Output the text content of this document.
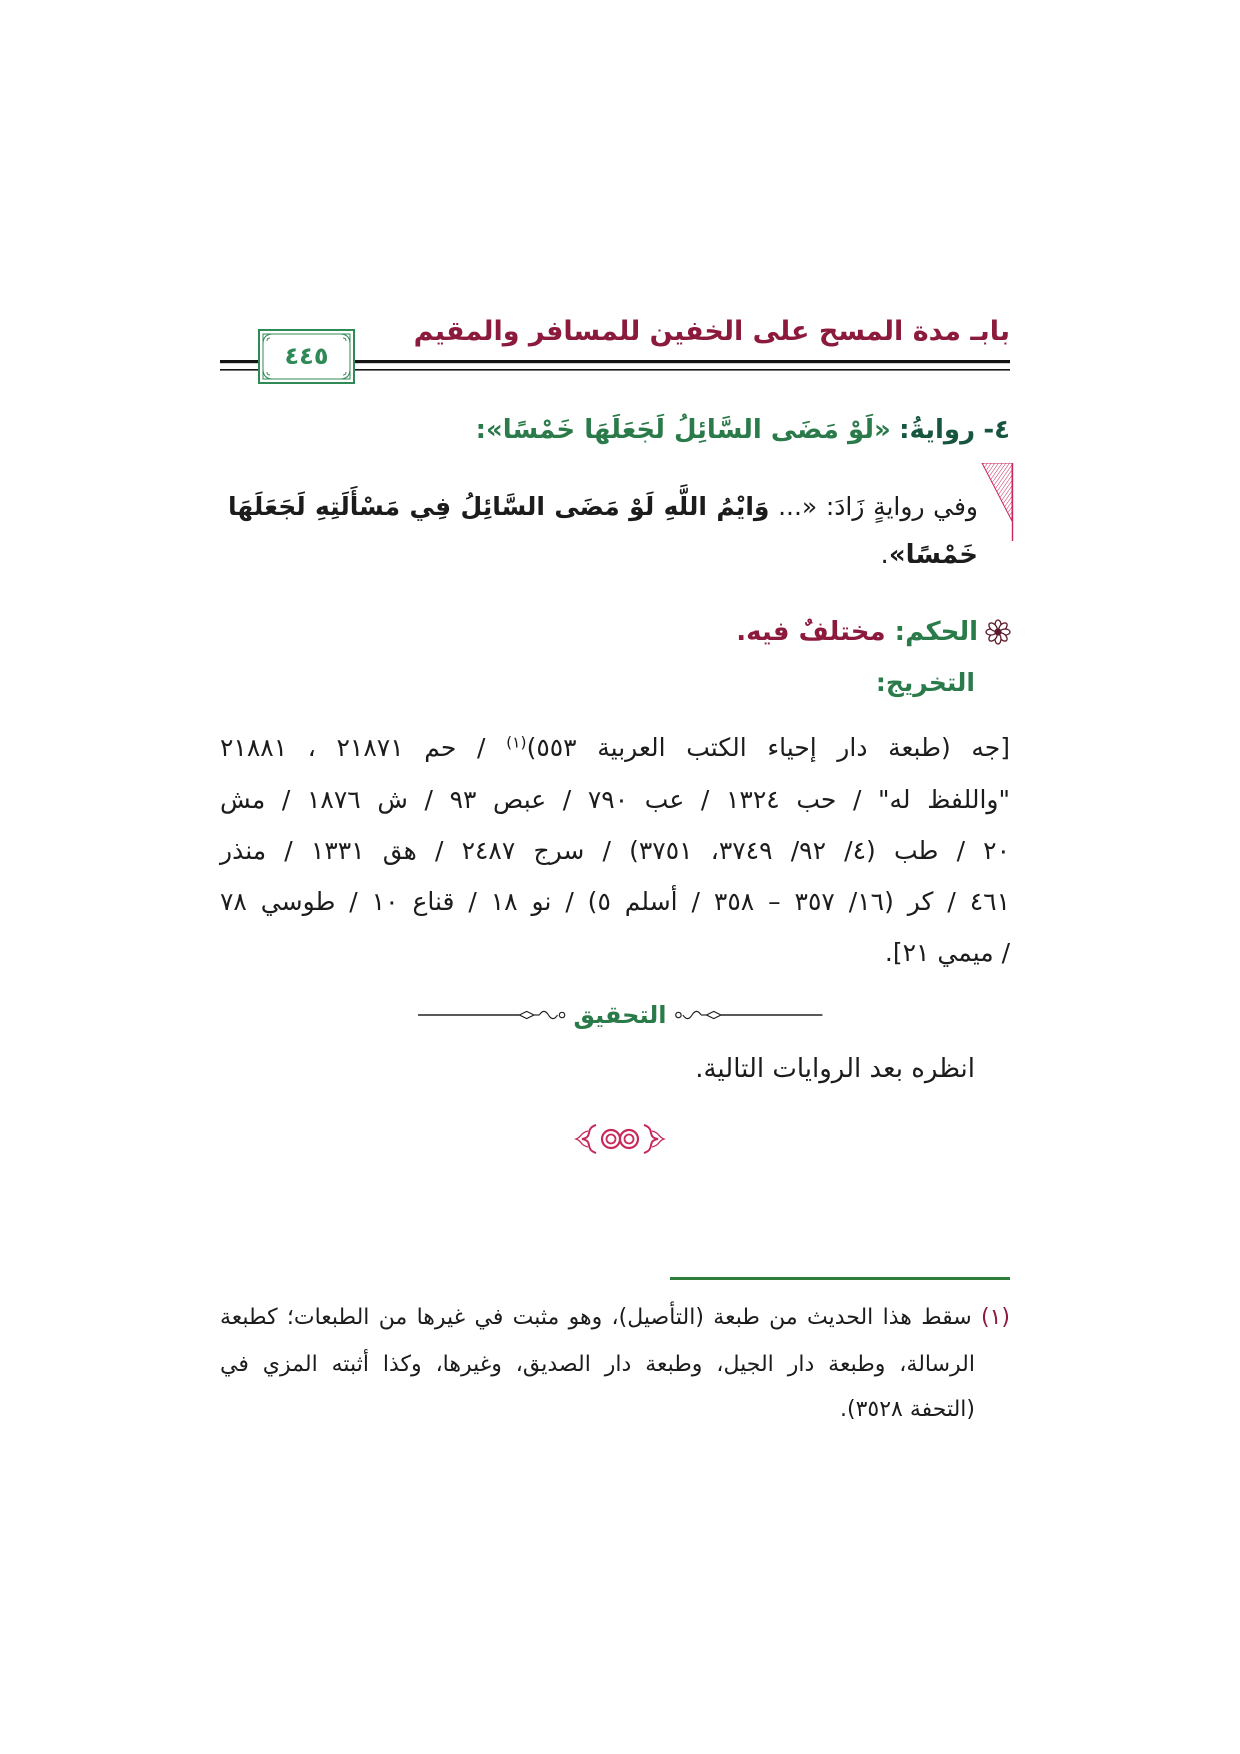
بابـ مدة المسح على الخفين للمسافر والمقيم
٤٤٥
٤- روايةُ: «لَوْ مَضَى السَّائِلُ لَجَعَلَهَا خَمْسًا»:
وفي روايةٍ زَادَ: «... وَايْمُ اللَّهِ لَوْ مَضَى السَّائِلُ فِي مَسْأَلَتِهِ لَجَعَلَهَا
خَمْسًا».
الحكم: مختلفٌ فيه.
التخريج:
[جه (طبعة دار إحياء الكتب العربية ٥٥٣)$^{(١)}$ / حم ٢١٨٧١ ، ٢١٨٨١
"واللفظ له" / حب ١٣٢٤ / عب ٧٩٠ / عبص ٩٣ / ش ١٨٧٦ / مش
٢٠ / طب (٤/ ٩٢/ ٣٧٤٩، ٣٧٥١) / سرج ٢٤٨٧ / هق ١٣٣١ / منذر
٤٦١ / كر (١٦/ ٣٥٧ – ٣٥٨ / أسلم ٥) / نو ١٨ / قناع ١٠ / طوسي ٧٨
/ ميمي ٢١].
التحقيق
انظره بعد الروايات التالية.
(١) سقط هذا الحديث من طبعة (التأصيل)، وهو مثبت في غيرها من الطبعات؛ كطبعة
الرسالة، وطبعة دار الجيل، وطبعة دار الصديق، وغيرها، وكذا أثبته المزي في
(التحفة ٣٥٢٨).
